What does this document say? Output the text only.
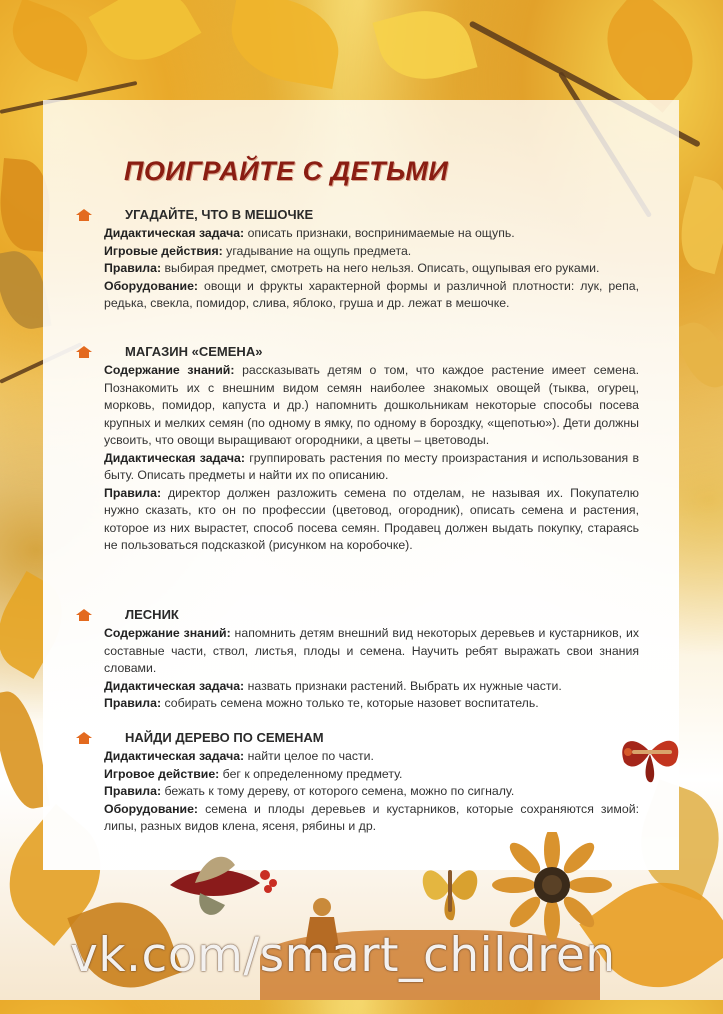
ПОИГРАЙТЕ С ДЕТЬМИ
УГАДАЙТЕ, ЧТО В МЕШОЧКЕ

Дидактическая задача: описать признаки, воспринимаемые на ощупь.

Игровые действия: угадывание на ощупь предмета.

Правила: выбирая предмет, смотреть на него нельзя. Описать, ощупывая его руками.

Оборудование: овощи и фрукты характерной формы и различной плотности: лук, репа, редька, свекла, помидор, слива, яблоко, груша и др. лежат в мешочке.

МАГАЗИН «СЕМЕНА»

Содержание знаний: рассказывать детям о том, что каждое растение имеет семена. Познакомить их с внешним видом семян наиболее знакомых овощей (тыква, огурец, морковь, помидор, капуста и др.) напомнить дошкольникам некоторые способы посева крупных и мелких семян (по одному в ямку, по одному в бороздку, «щепотью»). Дети должны усвоить, что овощи выращивают огородники, а цветы – цветоводы.

Дидактическая задача: группировать растения по месту произрастания и использования в быту. Описать предметы и найти их по описанию.

Правила: директор должен разложить семена по отделам, не называя их. Покупателю нужно сказать, кто он по профессии (цветовод, огородник), описать семена и растения, которое из них вырастет, способ посева семян. Продавец должен выдать покупку, стараясь не пользоваться подсказкой (рисунком на коробочке).

ЛЕСНИК

Содержание знаний: напомнить детям внешний вид некоторых деревьев и кустарников, их составные части, ствол, листья, плоды и семена. Научить ребят выражать свои знания словами.

Дидактическая задача: назвать признаки растений. Выбрать их нужные части.

Правила: собирать семена можно только те, которые назовет воспитатель.

НАЙДИ ДЕРЕВО ПО СЕМЕНАМ

Дидактическая задача: найти целое по части.

Игровое действие: бег к определенному предмету.

Правила: бежать к тому дереву, от которого семена, можно по сигналу.

Оборудование: семена и плоды деревьев и кустарников, которые сохраняются зимой: липы, разных видов клена, ясеня, рябины и др.

vk.com/smart_children
